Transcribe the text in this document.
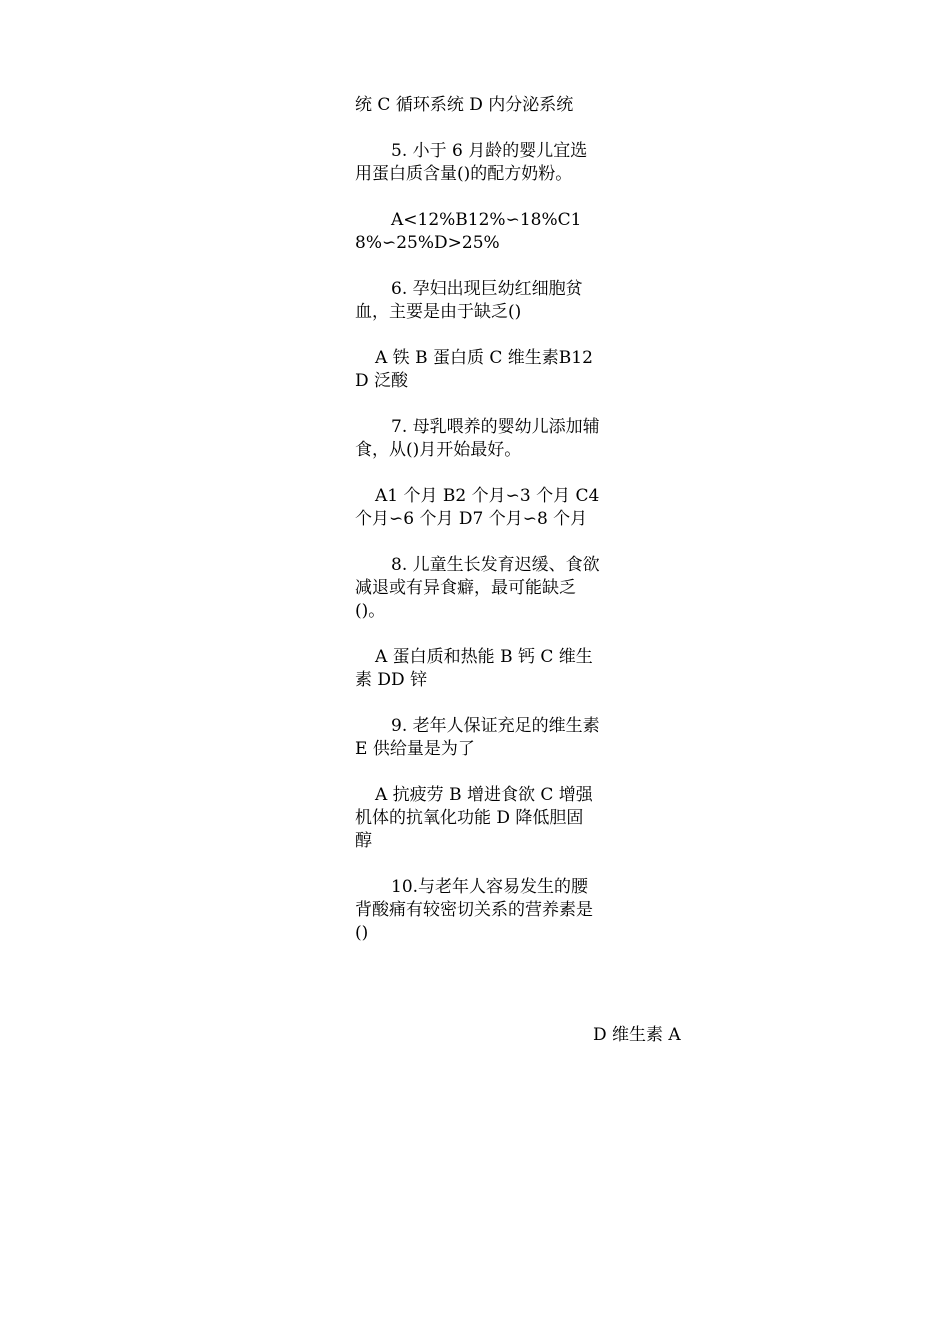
统 C 循环系统 D 内分泌系统

5. 小于 6 月龄的婴儿宜选用蛋白质含量()的配方奶粉。

A<12%B12%∽18%C18%∽25%D>25%

6. 孕妇出现巨幼红细胞贫血，主要是由于缺乏()

A 铁 B 蛋白质 C 维生素B12D 泛酸

7. 母乳喂养的婴幼儿添加辅食，从()月开始最好。

A1 个月 B2 个月∽3 个月 C4 个月∽6 个月 D7 个月∽8 个月

8. 儿童生长发育迟缓、食欲减退或有异食癖，最可能缺乏()。

A 蛋白质和热能 B 钙 C 维生素 DD 锌

9. 老年人保证充足的维生素 E 供给量是为了

A 抗疲劳 B 增进食欲 C 增强机体的抗氧化功能 D 降低胆固醇

10.与老年人容易发生的腰背酸痛有较密切关系的营养素是()

D 维生素 A
